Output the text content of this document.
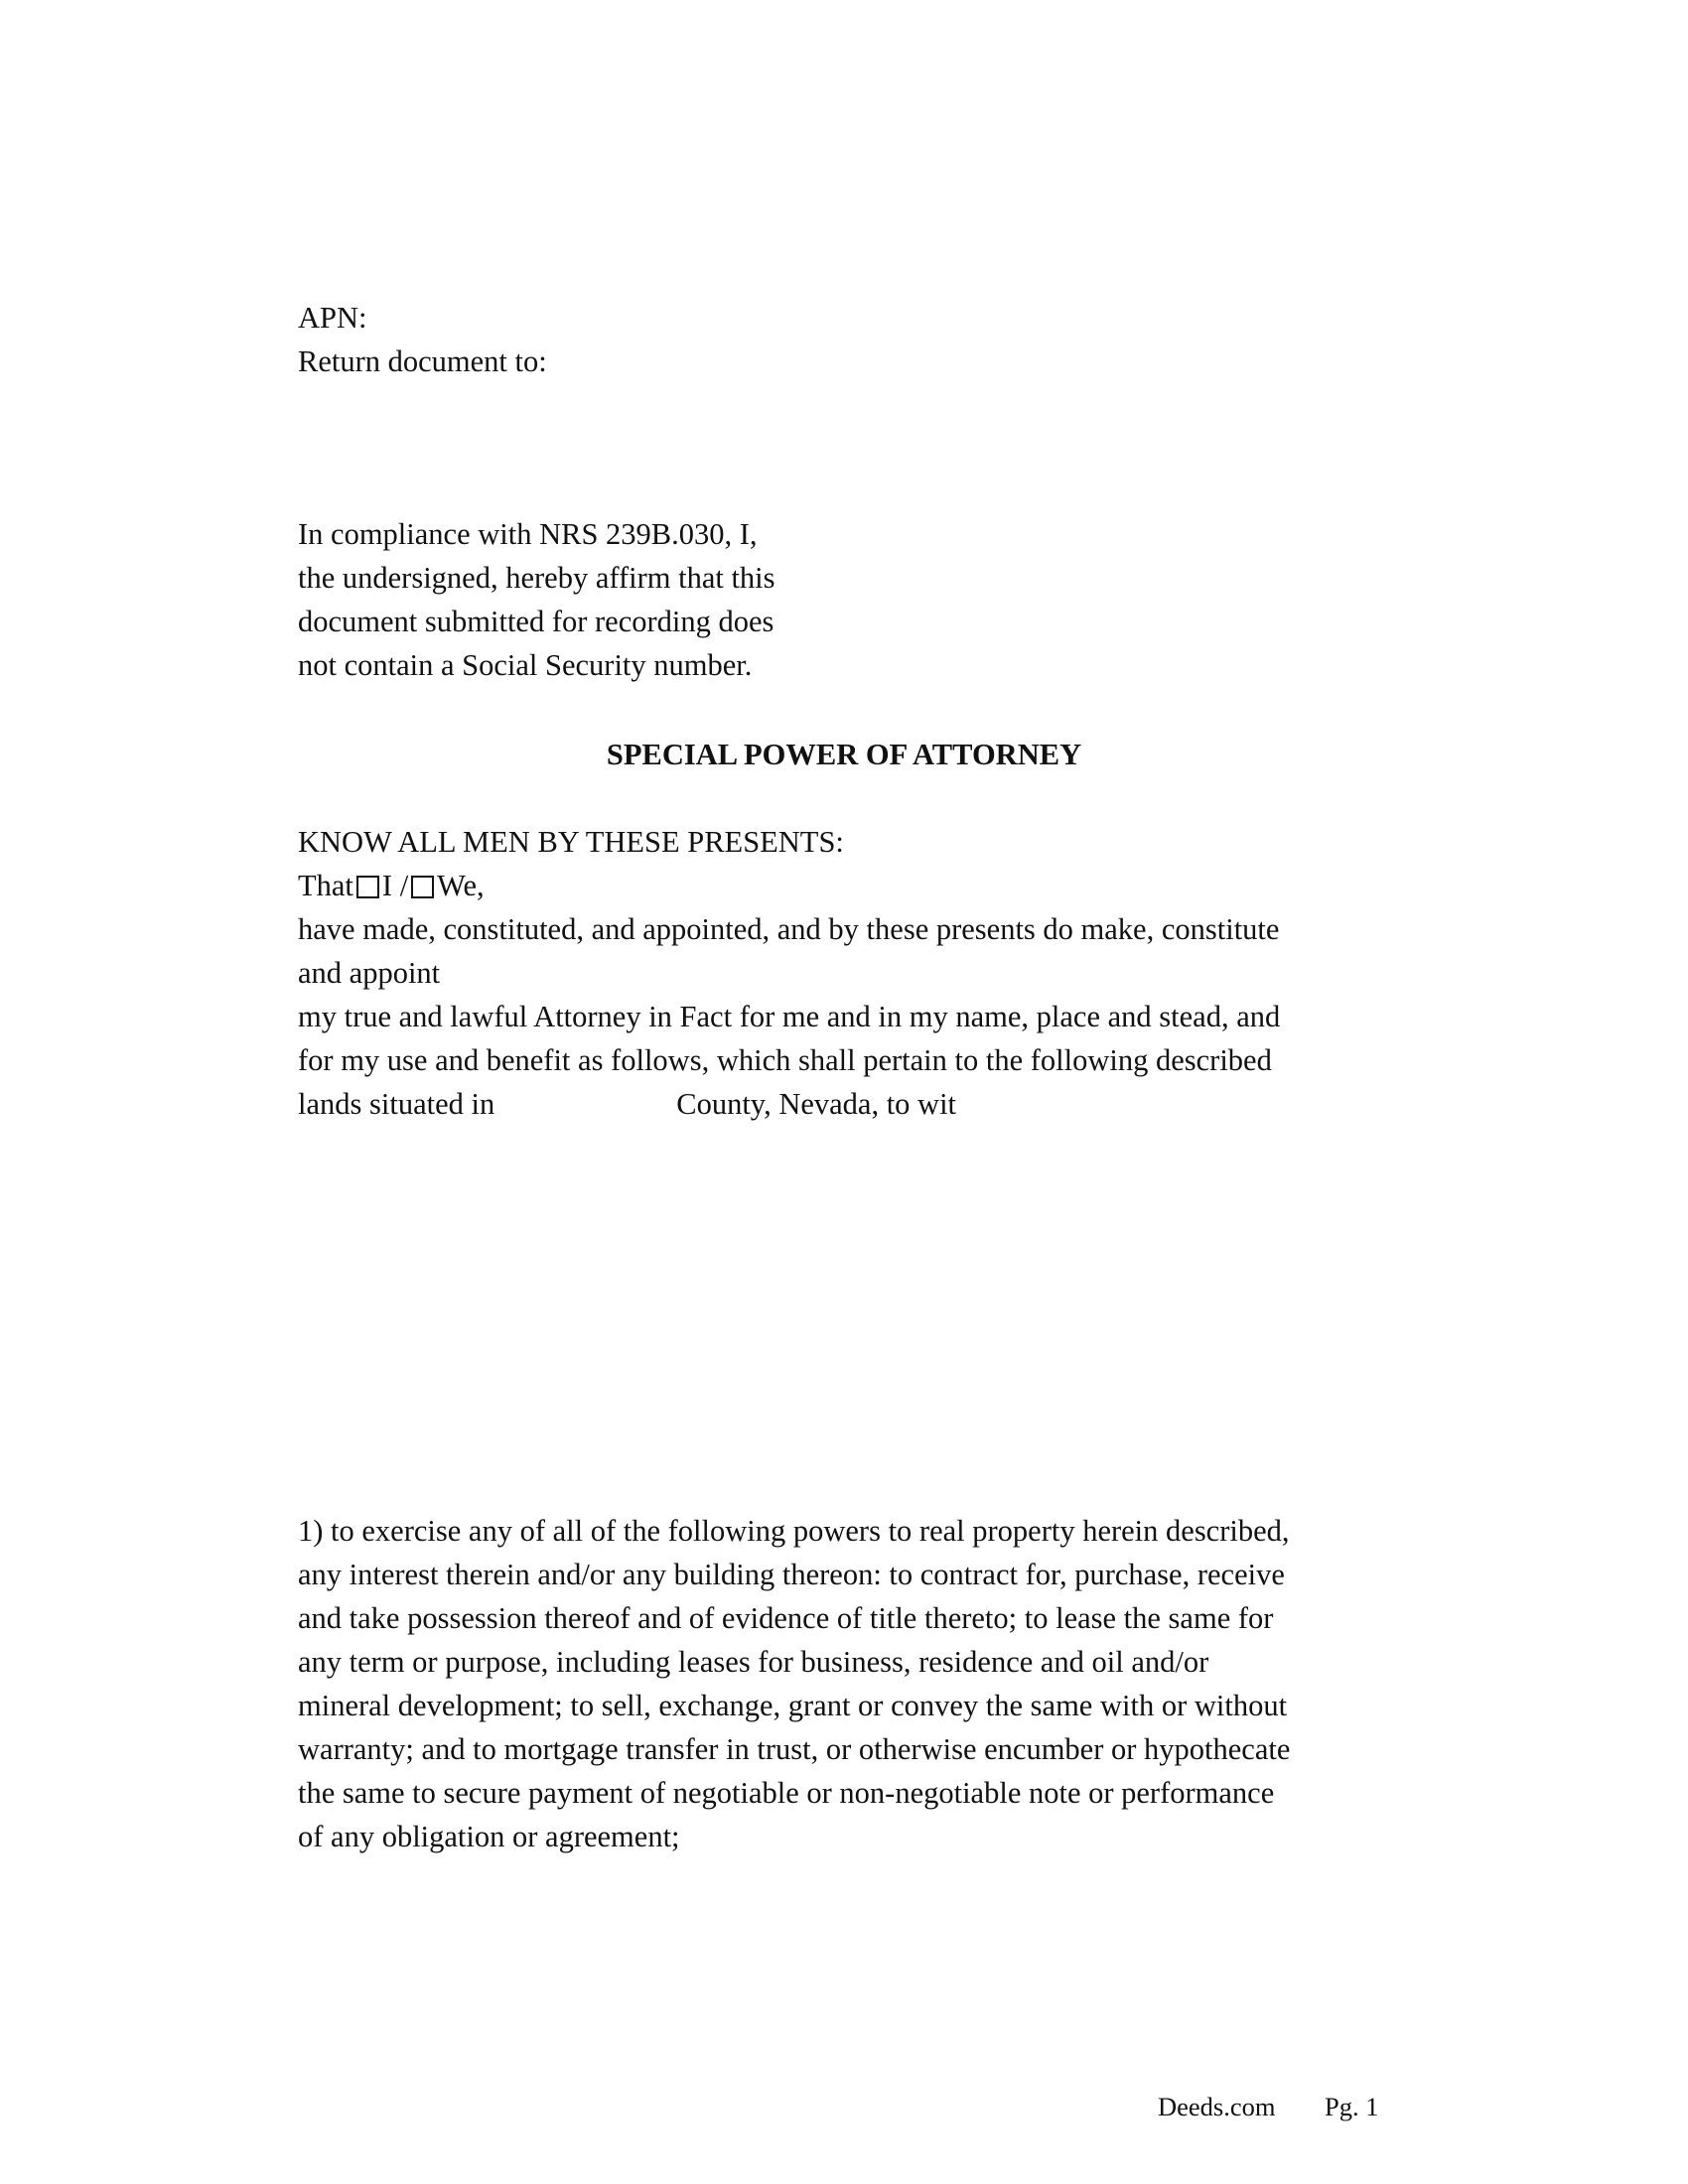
APN:
Return document to:
In compliance with NRS 239B.030, I,
the undersigned, hereby affirm that this
document submitted for recording does
not contain a Social Security number.
SPECIAL POWER OF ATTORNEY
KNOW ALL MEN BY THESE PRESENTS:
That I / We,
have made, constituted, and appointed, and by these presents do make, constitute
and appoint
my true and lawful Attorney in Fact for me and in my name, place and stead, and
for my use and benefit as follows, which shall pertain to the following described
lands situated in	County, Nevada, to wit
1) to exercise any of all of the following powers to real property herein described,
any interest therein and/or any building thereon: to contract for, purchase, receive
and take possession thereof and of evidence of title thereto; to lease the same for
any term or purpose, including leases for business, residence and oil and/or
mineral development; to sell, exchange, grant or convey the same with or without
warranty; and to mortgage transfer in trust, or otherwise encumber or hypothecate
the same to secure payment of negotiable or non-negotiable note or performance
of any obligation or agreement;
Deeds.com Pg. 1
